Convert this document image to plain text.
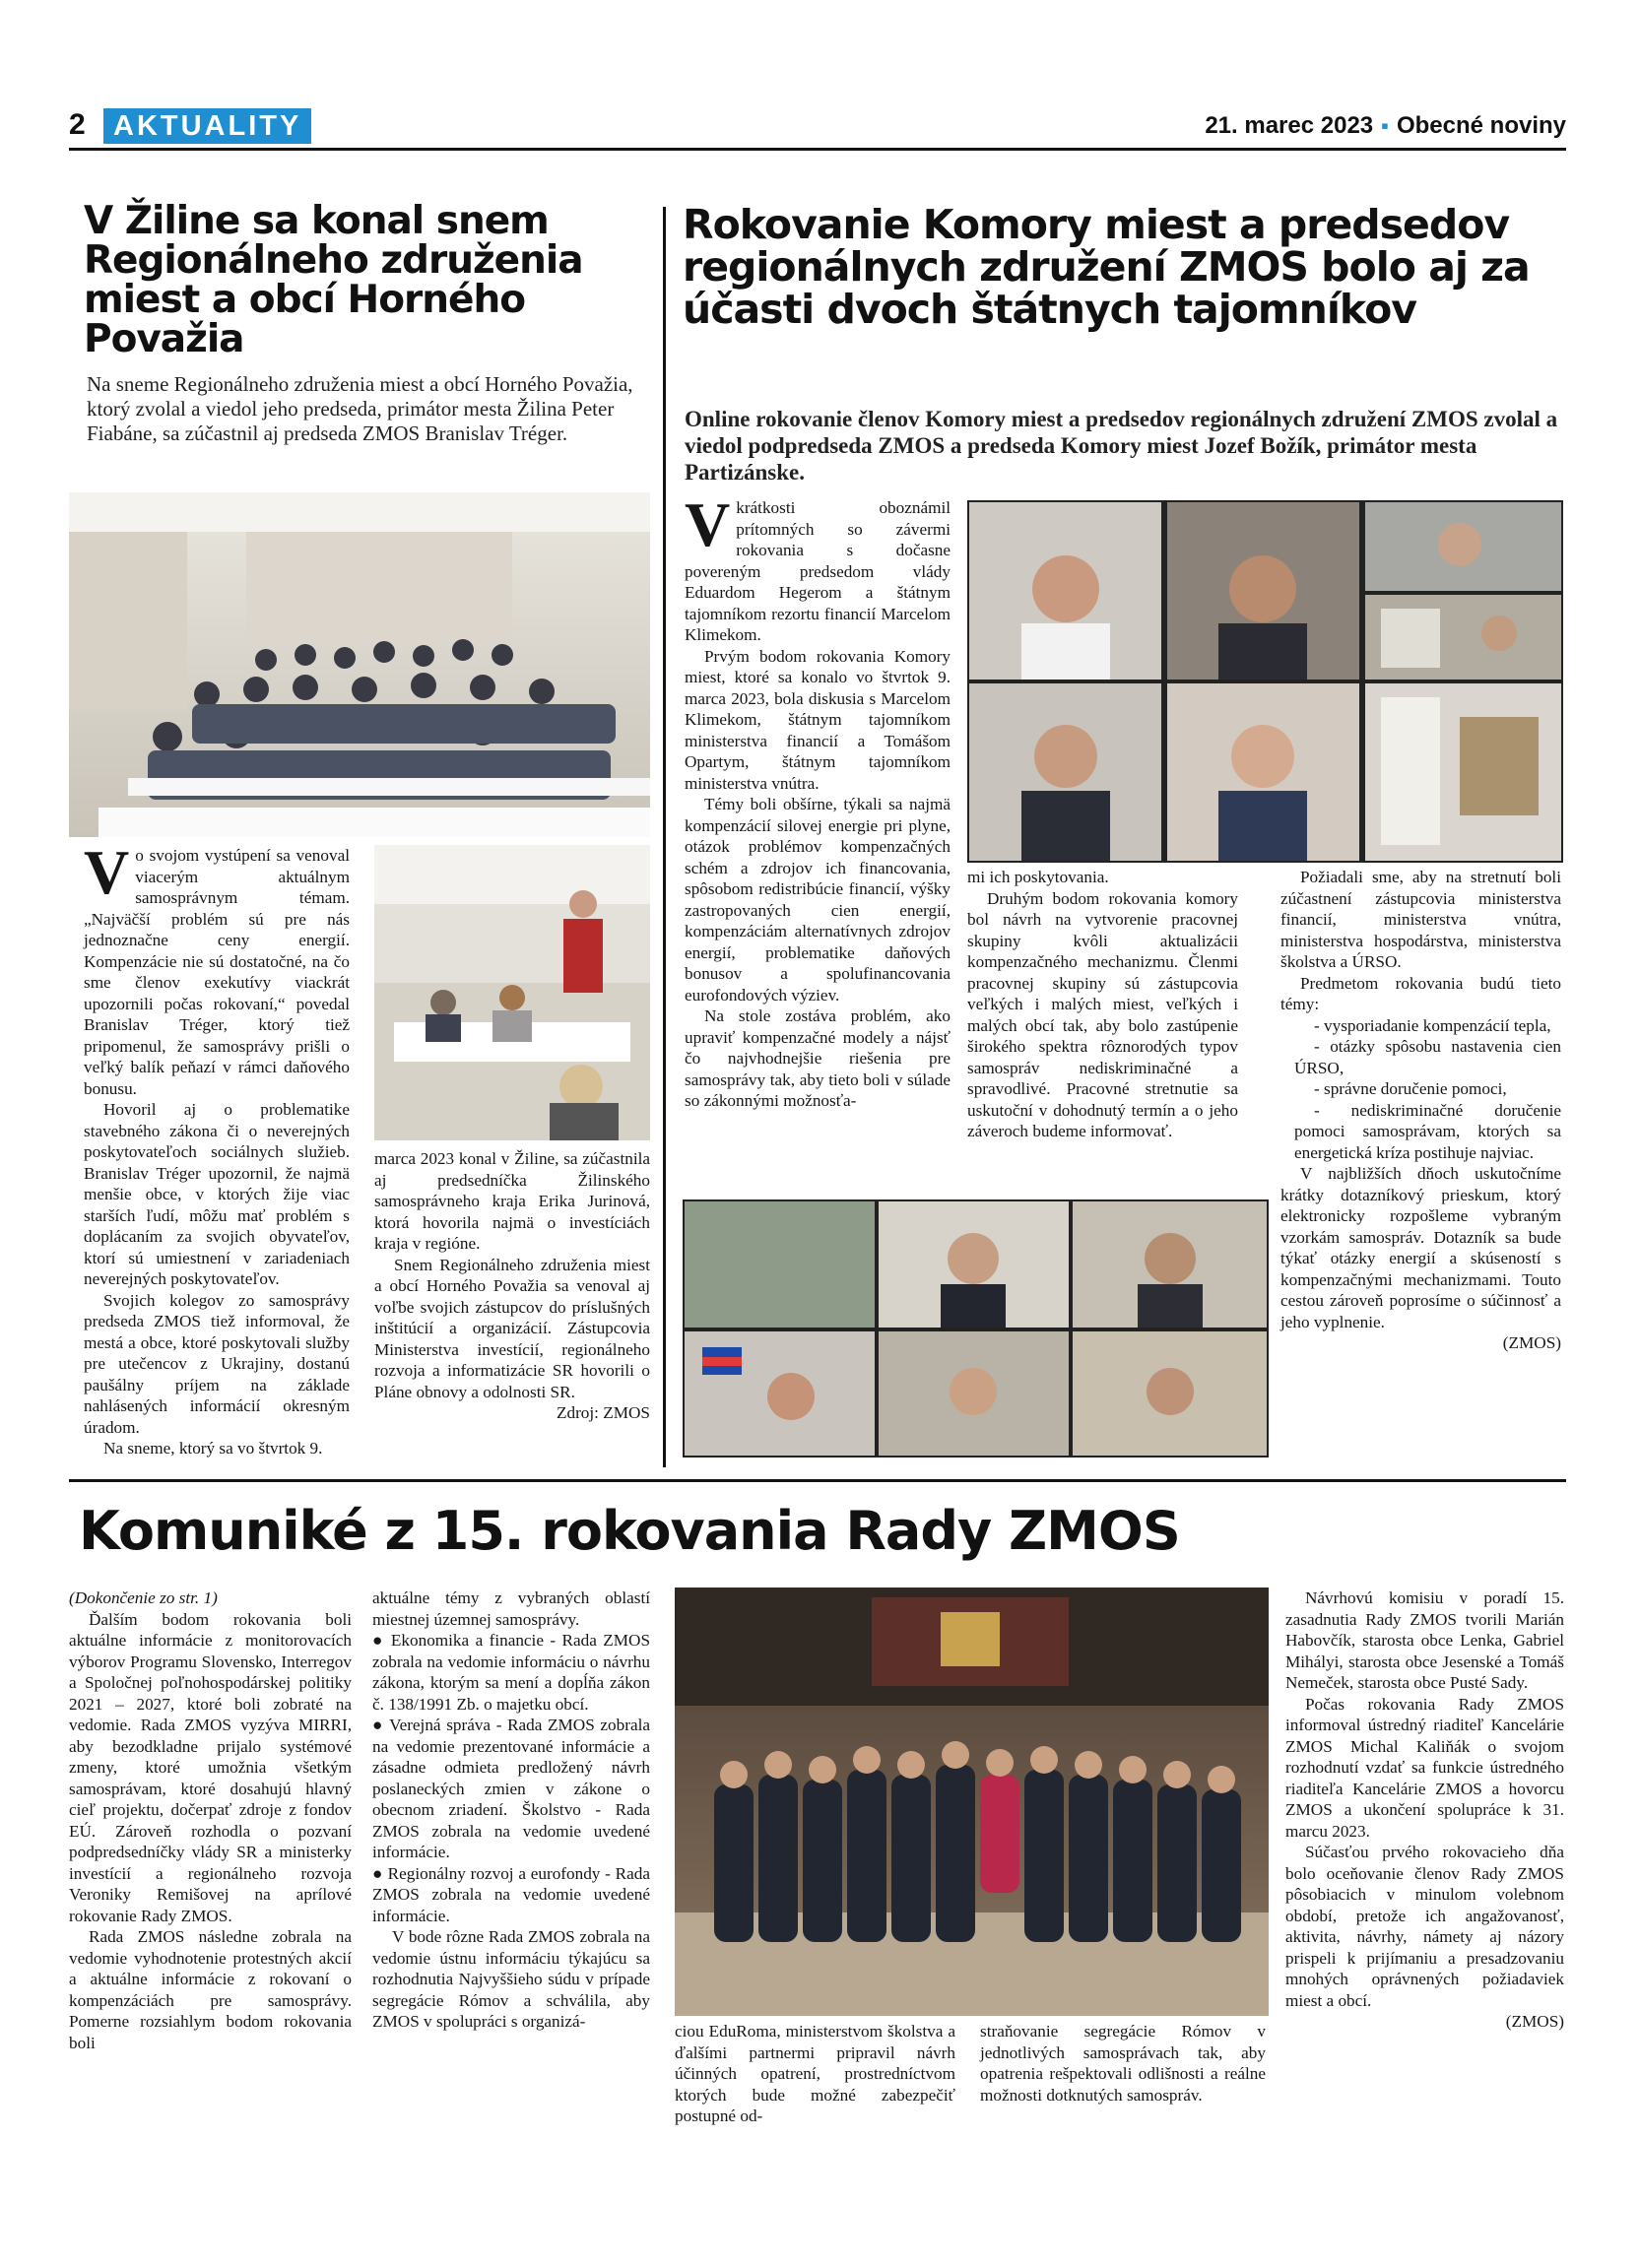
2 AKTUALITY	21. marec 2023 ▪ Obecné noviny
V Žiline sa konal snem Regionálneho združenia miest a obcí Horného Považia
Na sneme Regionálneho združenia miest a obcí Horného Považia, ktorý zvolal a viedol jeho predseda, primátor mesta Žilina Peter Fiabáne, sa zúčastnil aj predseda ZMOS Branislav Tréger.

Vo svojom vystúpení sa venoval viacerým aktuálnym samosprávnym témam. „Najväčší problém sú pre nás jednoznačne ceny energií. Kompenzácie nie sú dostatočné, na čo sme členov exekutívy viackrát upozornili počas rokovaní,“ povedal Branislav Tréger, ktorý tiež pripomenul, že samosprávy prišli o veľký balík peňazí v rámci daňového bonusu.

Hovoril aj o problematike stavebného zákona či o neverejných poskytovateľoch sociálnych služieb. Branislav Tréger upozornil, že najmä menšie obce, v ktorých žije viac starších ľudí, môžu mať problém s doplácaním za svojich obyvateľov, ktorí sú umiestnení v zariadeniach neverejných poskytovateľov.

Svojich kolegov zo samosprávy predseda ZMOS tiež informoval, že mestá a obce, ktoré poskytovali služby pre utečencov z Ukrajiny, dostanú paušálny príjem na základe nahlásených informácií okresným úradom.

Na sneme, ktorý sa vo štvrtok 9.

marca 2023 konal v Žiline, sa zúčastnila aj predsedníčka Žilinského samosprávneho kraja Erika Jurinová, ktorá hovorila najmä o investíciách kraja v regióne.

Snem Regionálneho združenia miest a obcí Horného Považia sa venoval aj voľbe svojich zástupcov do príslušných inštitúcií a organizácií. Zástupcovia Ministerstva investícií, regionálneho rozvoja a informatizácie SR hovorili o Pláne obnovy a odolnosti SR.

Zdroj: ZMOS

Rokovanie Komory miest a predsedov regionálnych združení ZMOS bolo aj za účasti dvoch štátnych tajomníkov
Online rokovanie členov Komory miest a predsedov regionálnych združení ZMOS zvolal a viedol podpredseda ZMOS a predseda Komory miest Jozef Božík, primátor mesta Partizánske.

Vkrátkosti oboznámil prítomných so závermi rokovania s dočasne povereným predsedom vlády Eduardom Hegerom a štátnym tajomníkom rezortu financií Marcelom Klimekom.

Prvým bodom rokovania Komory miest, ktoré sa konalo vo štvrtok 9. marca 2023, bola diskusia s Marcelom Klimekom, štátnym tajomníkom ministerstva financií a Tomášom Opartym, štátnym tajomníkom ministerstva vnútra.

Témy boli obšírne, týkali sa najmä kompenzácií silovej energie pri plyne, otázok problémov kompenzačných schém a zdrojov ich financovania, spôsobom redistribúcie financií, výšky zastropovaných cien energií, kompenzáciám alternatívnych zdrojov energií, problematike daňových bonusov a spolufinancovania eurofondových výziev.

Na stole zostáva problém, ako upraviť kompenzačné modely a nájsť čo najvhodnejšie riešenia pre samosprávy tak, aby tieto boli v súlade so zákonnými možnosťa-

mi ich poskytovania.

Druhým bodom rokovania komory bol návrh na vytvorenie pracovnej skupiny kvôli aktualizácii kompenzačného mechanizmu. Členmi pracovnej skupiny sú zástupcovia veľkých i malých miest, veľkých i malých obcí tak, aby bolo zastúpenie širokého spektra rôznorodých typov samospráv nediskriminačné a spravodlivé. Pracovné stretnutie sa uskutoční v dohodnutý termín a o jeho záveroch budeme informovať.

Požiadali sme, aby na stretnutí boli zúčastnení zástupcovia ministerstva financií, ministerstva vnútra, ministerstva hospodárstva, ministerstva školstva a ÚRSO.

Predmetom rokovania budú tieto témy:

- vysporiadanie kompenzácií tepla,

- otázky spôsobu nastavenia cien ÚRSO,

- správne doručenie pomoci,

- nediskriminačné doručenie pomoci samosprávam, ktorých sa energetická kríza postihuje najviac.

V najbližších dňoch uskutočníme krátky dotazníkový prieskum, ktorý elektronicky rozpošleme vybraným vzorkám samospráv. Dotazník sa bude týkať otázky energií a skúseností s kompenzačnými mechanizmami. Touto cestou zároveň poprosíme o súčinnosť a jeho vyplnenie.

(ZMOS)

Komuniké z 15. rokovania Rady ZMOS

(Dokončenie zo str. 1)

Ďalším bodom rokovania boli aktuálne informácie z monitorovacích výborov Programu Slovensko, Interregov a Spoločnej poľnohospodárskej politiky 2021 – 2027, ktoré boli zobraté na vedomie. Rada ZMOS vyzýva MIRRI, aby bezodkladne prijalo systémové zmeny, ktoré umožnia všetkým samosprávam, ktoré dosahujú hlavný cieľ projektu, dočerpať zdroje z fondov EÚ. Zároveň rozhodla o pozvaní podpredsedníčky vlády SR a ministerky investícií a regionálneho rozvoja Veroniky Remišovej na aprílové rokovanie Rady ZMOS.

Rada ZMOS následne zobrala na vedomie vyhodnotenie protestných akcií a aktuálne informácie z rokovaní o kompenzáciách pre samosprávy. Pomerne rozsiahlym bodom rokovania boli

aktuálne témy z vybraných oblastí miestnej územnej samosprávy.

● Ekonomika a financie - Rada ZMOS zobrala na vedomie informáciu o návrhu zákona, ktorým sa mení a dopĺňa zákon č. 138/1991 Zb. o majetku obcí.

● Verejná správa - Rada ZMOS zobrala na vedomie prezentované informácie a zásadne odmieta predložený návrh poslaneckých zmien v zákone o obecnom zriadení. Školstvo - Rada ZMOS zobrala na vedomie uvedené informácie.

● Regionálny rozvoj a eurofondy - Rada ZMOS zobrala na vedomie uvedené informácie.

V bode rôzne Rada ZMOS zobrala na vedomie ústnu informáciu týkajúcu sa rozhodnutia Najvyššieho súdu v prípade segregácie Rómov a schválila, aby ZMOS v spolupráci s organizá-

ciou EduRoma, ministerstvom školstva a ďalšími partnermi pripravil návrh účinných opatrení, prostredníctvom ktorých bude možné zabezpečiť postupné od-

straňovanie segregácie Rómov v jednotlivých samosprávach tak, aby opatrenia rešpektovali odlišnosti a reálne možnosti dotknutých samospráv.

Návrhovú komisiu v poradí 15. zasadnutia Rady ZMOS tvorili Marián Habovčík, starosta obce Lenka, Gabriel Mihályi, starosta obce Jesenské a Tomáš Nemeček, starosta obce Pusté Sady.

Počas rokovania Rady ZMOS informoval ústredný riaditeľ Kancelárie ZMOS Michal Kaliňák o svojom rozhodnutí vzdať sa funkcie ústredného riaditeľa Kancelárie ZMOS a hovorcu ZMOS a ukončení spolupráce k 31. marcu 2023.

Súčasťou prvého rokovacieho dňa bolo oceňovanie členov Rady ZMOS pôsobiacich v minulom volebnom období, pretože ich angažovanosť, aktivita, návrhy, námety aj názory prispeli k prijímaniu a presadzovaniu mnohých oprávnených požiadaviek miest a obcí.

(ZMOS)
